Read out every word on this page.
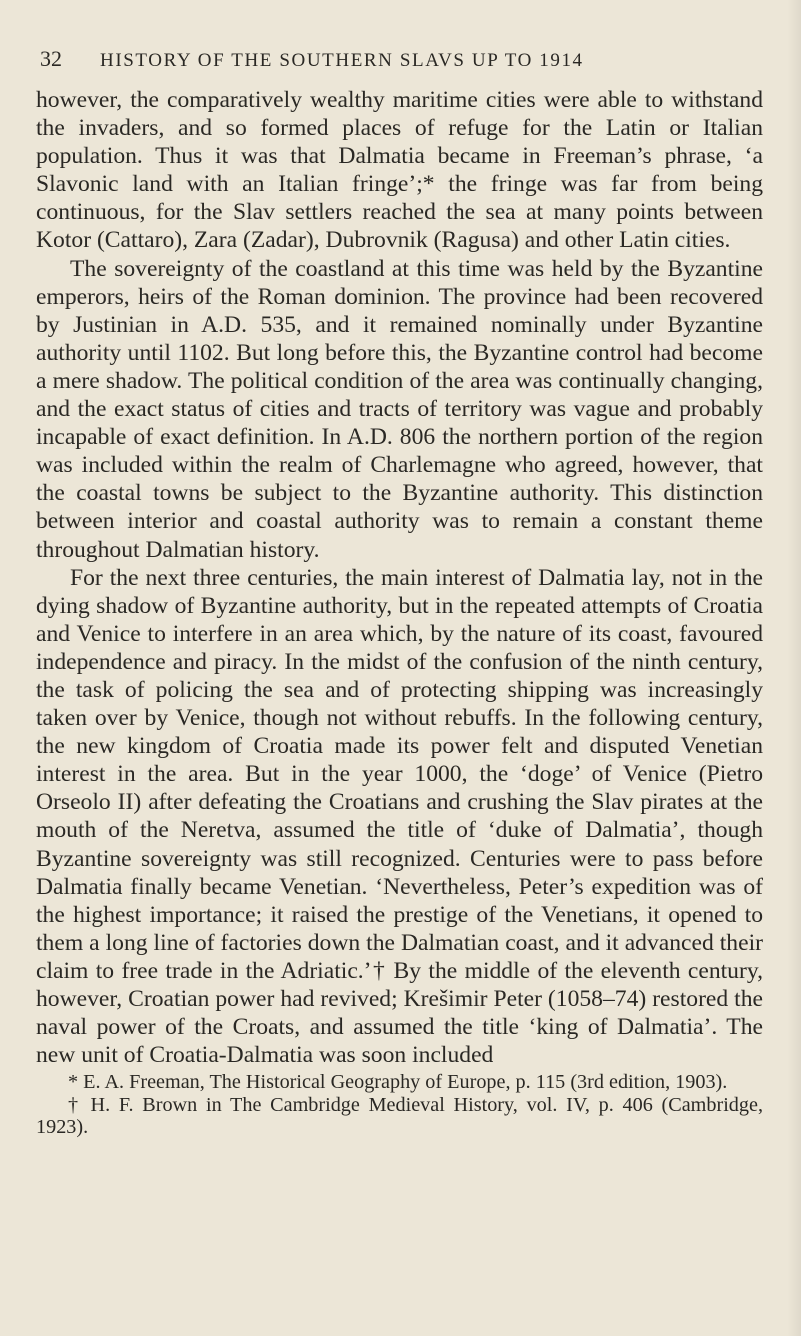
32	HISTORY OF THE SOUTHERN SLAVS UP TO 1914

however, the comparatively wealthy maritime cities were able to withstand the invaders, and so formed places of refuge for the Latin or Italian population. Thus it was that Dalmatia became in Freeman’s phrase, ‘a Slavonic land with an Italian fringe’;* the fringe was far from being continuous, for the Slav settlers reached the sea at many points between Kotor (Cattaro), Zara (Zadar), Dubrovnik (Ragusa) and other Latin cities.

The sovereignty of the coastland at this time was held by the Byzantine emperors, heirs of the Roman dominion. The province had been recovered by Justinian in A.D. 535, and it remained nominally under Byzantine authority until 1102. But long before this, the Byzantine control had become a mere shadow. The political condition of the area was continually changing, and the exact status of cities and tracts of territory was vague and probably incapable of exact definition. In A.D. 806 the northern portion of the region was included within the realm of Charlemagne who agreed, however, that the coastal towns be subject to the Byzantine authority. This distinction between interior and coastal authority was to remain a constant theme throughout Dalmatian history.

For the next three centuries, the main interest of Dalmatia lay, not in the dying shadow of Byzantine authority, but in the repeated attempts of Croatia and Venice to interfere in an area which, by the nature of its coast, favoured independence and piracy. In the midst of the confusion of the ninth century, the task of policing the sea and of protecting shipping was increasingly taken over by Venice, though not without rebuffs. In the following century, the new kingdom of Croatia made its power felt and disputed Venetian interest in the area. But in the year 1000, the ‘doge’ of Venice (Pietro Orseolo II) after defeating the Croatians and crushing the Slav pirates at the mouth of the Neretva, assumed the title of ‘duke of Dalmatia’, though Byzantine sovereignty was still recognized. Centuries were to pass before Dalmatia finally became Venetian. ‘Nevertheless, Peter’s expedition was of the highest importance; it raised the prestige of the Venetians, it opened to them a long line of factories down the Dalmatian coast, and it advanced their claim to free trade in the Adriatic.’† By the middle of the eleventh century, however, Croatian power had revived; Krešimir Peter (1058–74) restored the naval power of the Croats, and assumed the title ‘king of Dalmatia’. The new unit of Croatia-Dalmatia was soon included

* E. A. Freeman, The Historical Geography of Europe, p. 115 (3rd edition, 1903).

† H. F. Brown in The Cambridge Medieval History, vol. IV, p. 406 (Cambridge, 1923).
